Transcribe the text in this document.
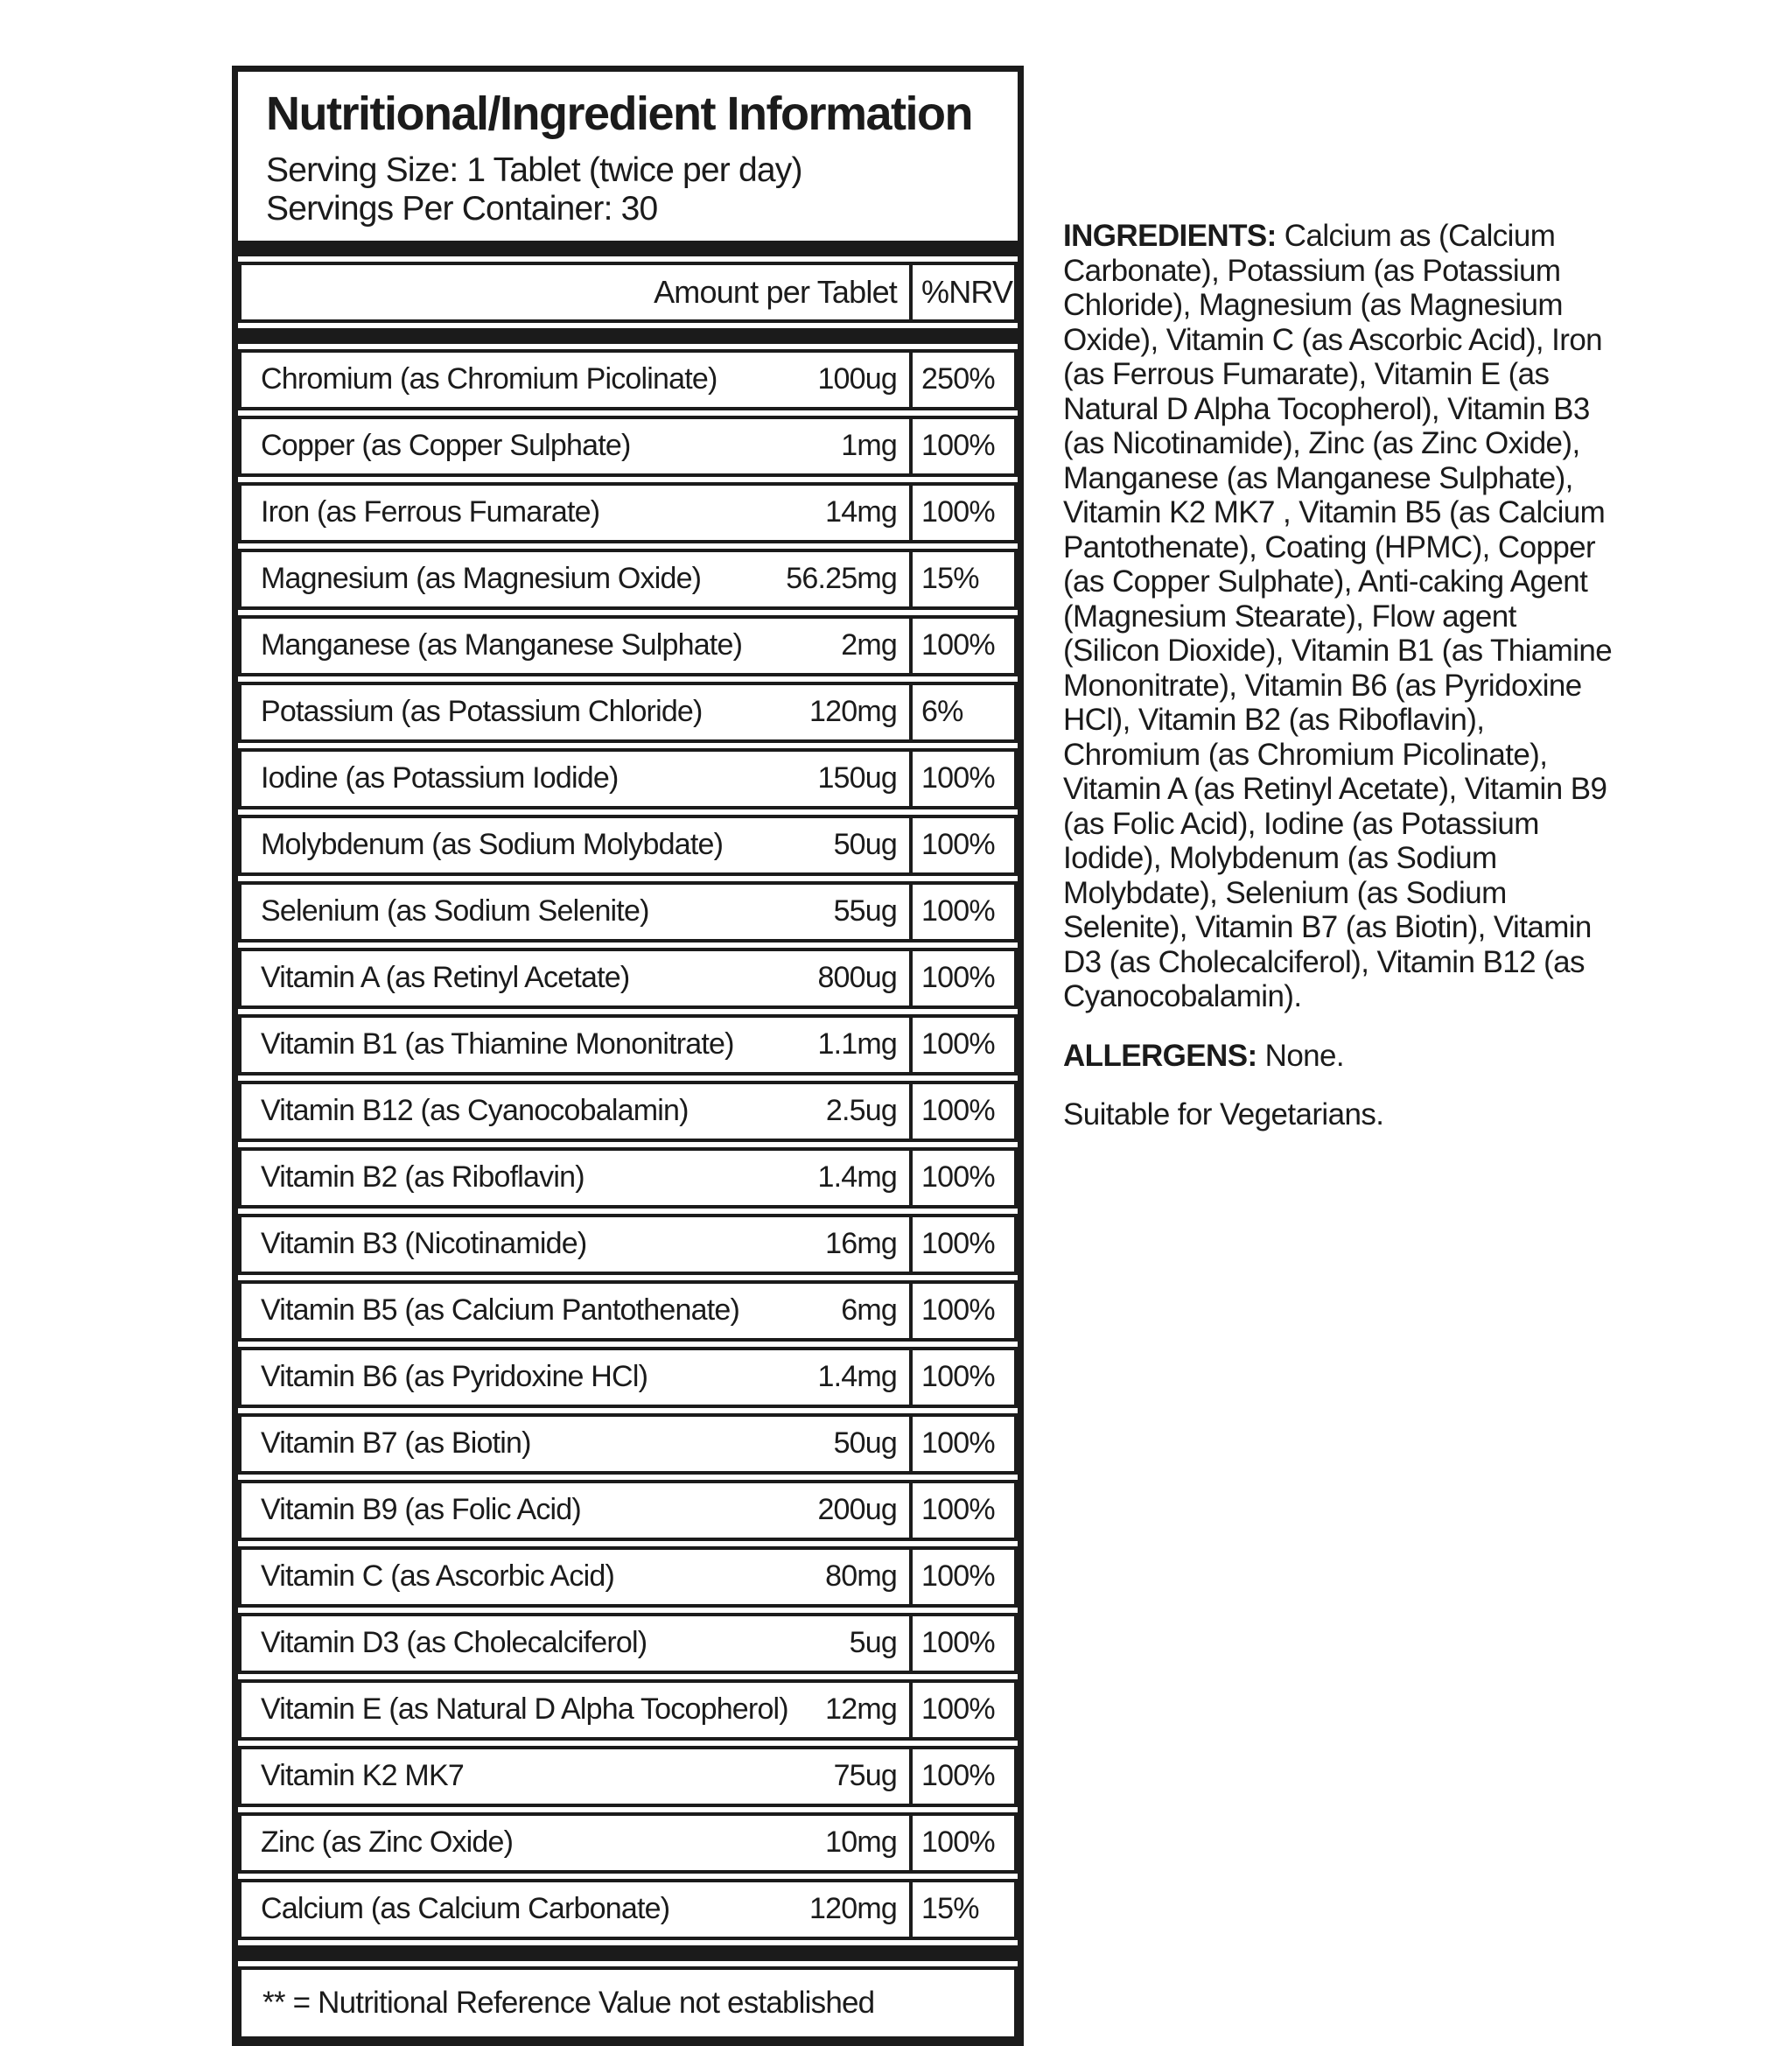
Nutritional/Ingredient Information
Serving Size: 1 Tablet (twice per day)
Servings Per Container: 30
Amount per Tablet %NRV
Chromium (as Chromium Picolinate)	100ug 250%
Copper (as Copper Sulphate)	1mg 100%
Iron (as Ferrous Fumarate)	14mg 100%
Magnesium (as Magnesium Oxide)	56.25mg 15%
Manganese (as Manganese Sulphate)	2mg 100%
Potassium (as Potassium Chloride)	120mg 6%
Iodine (as Potassium Iodide)	150ug 100%
Molybdenum (as Sodium Molybdate)	50ug 100%
Selenium (as Sodium Selenite)	55ug 100%
Vitamin A (as Retinyl Acetate)	800ug 100%
Vitamin B1 (as Thiamine Mononitrate)	1.1mg 100%
Vitamin B12 (as Cyanocobalamin)	2.5ug 100%
Vitamin B2 (as Riboflavin)	1.4mg 100%
Vitamin B3 (Nicotinamide)	16mg 100%
Vitamin B5 (as Calcium Pantothenate)	6mg 100%
Vitamin B6 (as Pyridoxine HCl)	1.4mg 100%
Vitamin B7 (as Biotin)	50ug 100%
Vitamin B9 (as Folic Acid)	200ug 100%
Vitamin C (as Ascorbic Acid)	80mg 100%
Vitamin D3 (as Cholecalciferol)	5ug 100%
Vitamin E (as Natural D Alpha Tocopherol)	12mg 100%
Vitamin K2 MK7	75ug 100%
Zinc (as Zinc Oxide)	10mg 100%
Calcium (as Calcium Carbonate)	120mg 15%
** = Nutritional Reference Value not established

INGREDIENTS: Calcium as (Calcium Carbonate), Potassium (as Potassium Chloride), Magnesium (as Magnesium Oxide), Vitamin C (as Ascorbic Acid), Iron (as Ferrous Fumarate), Vitamin E (as Natural D Alpha Tocopherol), Vitamin B3 (as Nicotinamide), Zinc (as Zinc Oxide), Manganese (as Manganese Sulphate), Vitamin K2 MK7 , Vitamin B5 (as Calcium Pantothenate), Coating (HPMC), Copper (as Copper Sulphate), Anti-caking Agent (Magnesium Stearate), Flow agent (Silicon Dioxide), Vitamin B1 (as Thiamine Mononitrate), Vitamin B6 (as Pyridoxine HCl), Vitamin B2 (as Riboflavin), Chromium (as Chromium Picolinate), Vitamin A (as Retinyl Acetate), Vitamin B9 (as Folic Acid), Iodine (as Potassium Iodide), Molybdenum (as Sodium Molybdate), Selenium (as Sodium Selenite), Vitamin B7 (as Biotin), Vitamin D3 (as Cholecalciferol), Vitamin B12 (as Cyanocobalamin).

ALLERGENS: None.

Suitable for Vegetarians.
